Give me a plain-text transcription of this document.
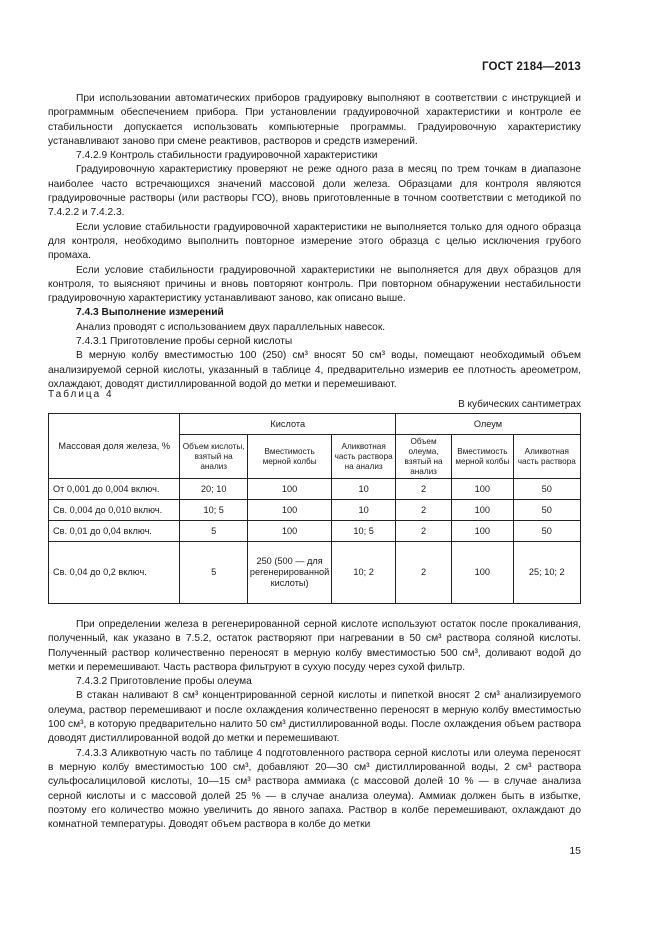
ГОСТ 2184—2013

При использовании автоматических приборов градуировку выполняют в соответствии с инструкцией и программным обеспечением прибора. При установлении градуировочной характеристики и контроле ее стабильности допускается использовать компьютерные программы. Градуировочную характеристику устанавливают заново при смене реактивов, растворов и средств измерений.

7.4.2.9 Контроль стабильности градуировочной характеристики

Градуировочную характеристику проверяют не реже одного раза в месяц по трем точкам в диапазоне наиболее часто встречающихся значений массовой доли железа. Образцами для контроля являются градуировочные растворы (или растворы ГСО), вновь приготовленные в точном соответствии с методикой по 7.4.2.2 и 7.4.2.3.

Если условие стабильности градуировочной характеристики не выполняется только для одного образца для контроля, необходимо выполнить повторное измерение этого образца с целью исключения грубого промаха.

Если условие стабильности градуировочной характеристики не выполняется для двух образцов для контроля, то выясняют причины и вновь повторяют контроль. При повторном обнаружении нестабильности градуировочную характеристику устанавливают заново, как описано выше.

7.4.3 Выполнение измерений

Анализ проводят с использованием двух параллельных навесок.

7.4.3.1 Приготовление пробы серной кислоты

В мерную колбу вместимостью 100 (250) см³ вносят 50 см³ воды, помещают необходимый объем анализируемой серной кислоты, указанный в таблице 4, предварительно измерив ее плотность ареометром, охлаждают, доводят дистиллированной водой до метки и перемешивают.

Таблица 4
В кубических сантиметрах
Массовая доля железа, %	Кислота			Олеум		
	Объем кислоты, взятый на анализ	Вместимость мерной колбы	Аликвотная часть раствора на анализ	Объем олеума, взятый на анализ	Вместимость мерной колбы	Аликвотная часть раствора
От 0,001 до 0,004 включ.	20; 10	100	10	2	100	50
Св. 0,004 до 0,010 включ.	10; 5	100	10	2	100	50
Св. 0,01 до 0,04 включ.	5	100	10; 5	2	100	50
Св. 0,04 до 0,2 включ.	5	250 (500 — для регенерированной кислоты)	10; 2	2	100	25; 10; 2

При определении железа в регенерированной серной кислоте используют остаток после прокаливания, полученный, как указано в 7.5.2, остаток растворяют при нагревании в 50 см³ раствора соляной кислоты. Полученный раствор количественно переносят в мерную колбу вместимостью 500 см³, доливают водой до метки и перемешивают. Часть раствора фильтруют в сухую посуду через сухой фильтр.

7.4.3.2 Приготовление пробы олеума

В стакан наливают 8 см³ концентрированной серной кислоты и пипеткой вносят 2 см³ анализируемого олеума, раствор перемешивают и после охлаждения количественно переносят в мерную колбу вместимостью 100 см³, в которую предварительно налито 50 см³ дистиллированной воды. После охлаждения объем раствора доводят дистиллированной водой до метки и перемешивают.

7.4.3.3 Аликвотную часть по таблице 4 подготовленного раствора серной кислоты или олеума переносят в мерную колбу вместимостью 100 см³, добавляют 20—30 см³ дистиллированной воды, 2 см³ раствора сульфосалициловой кислоты, 10—15 см³ раствора аммиака (с массовой долей 10 % — в случае анализа серной кислоты и с массовой долей 25 % — в случае анализа олеума). Аммиак должен быть в избытке, поэтому его количество можно увеличить до явного запаха. Раствор в колбе перемешивают, охлаждают до комнатной температуры. Доводят объем раствора в колбе до метки

15
